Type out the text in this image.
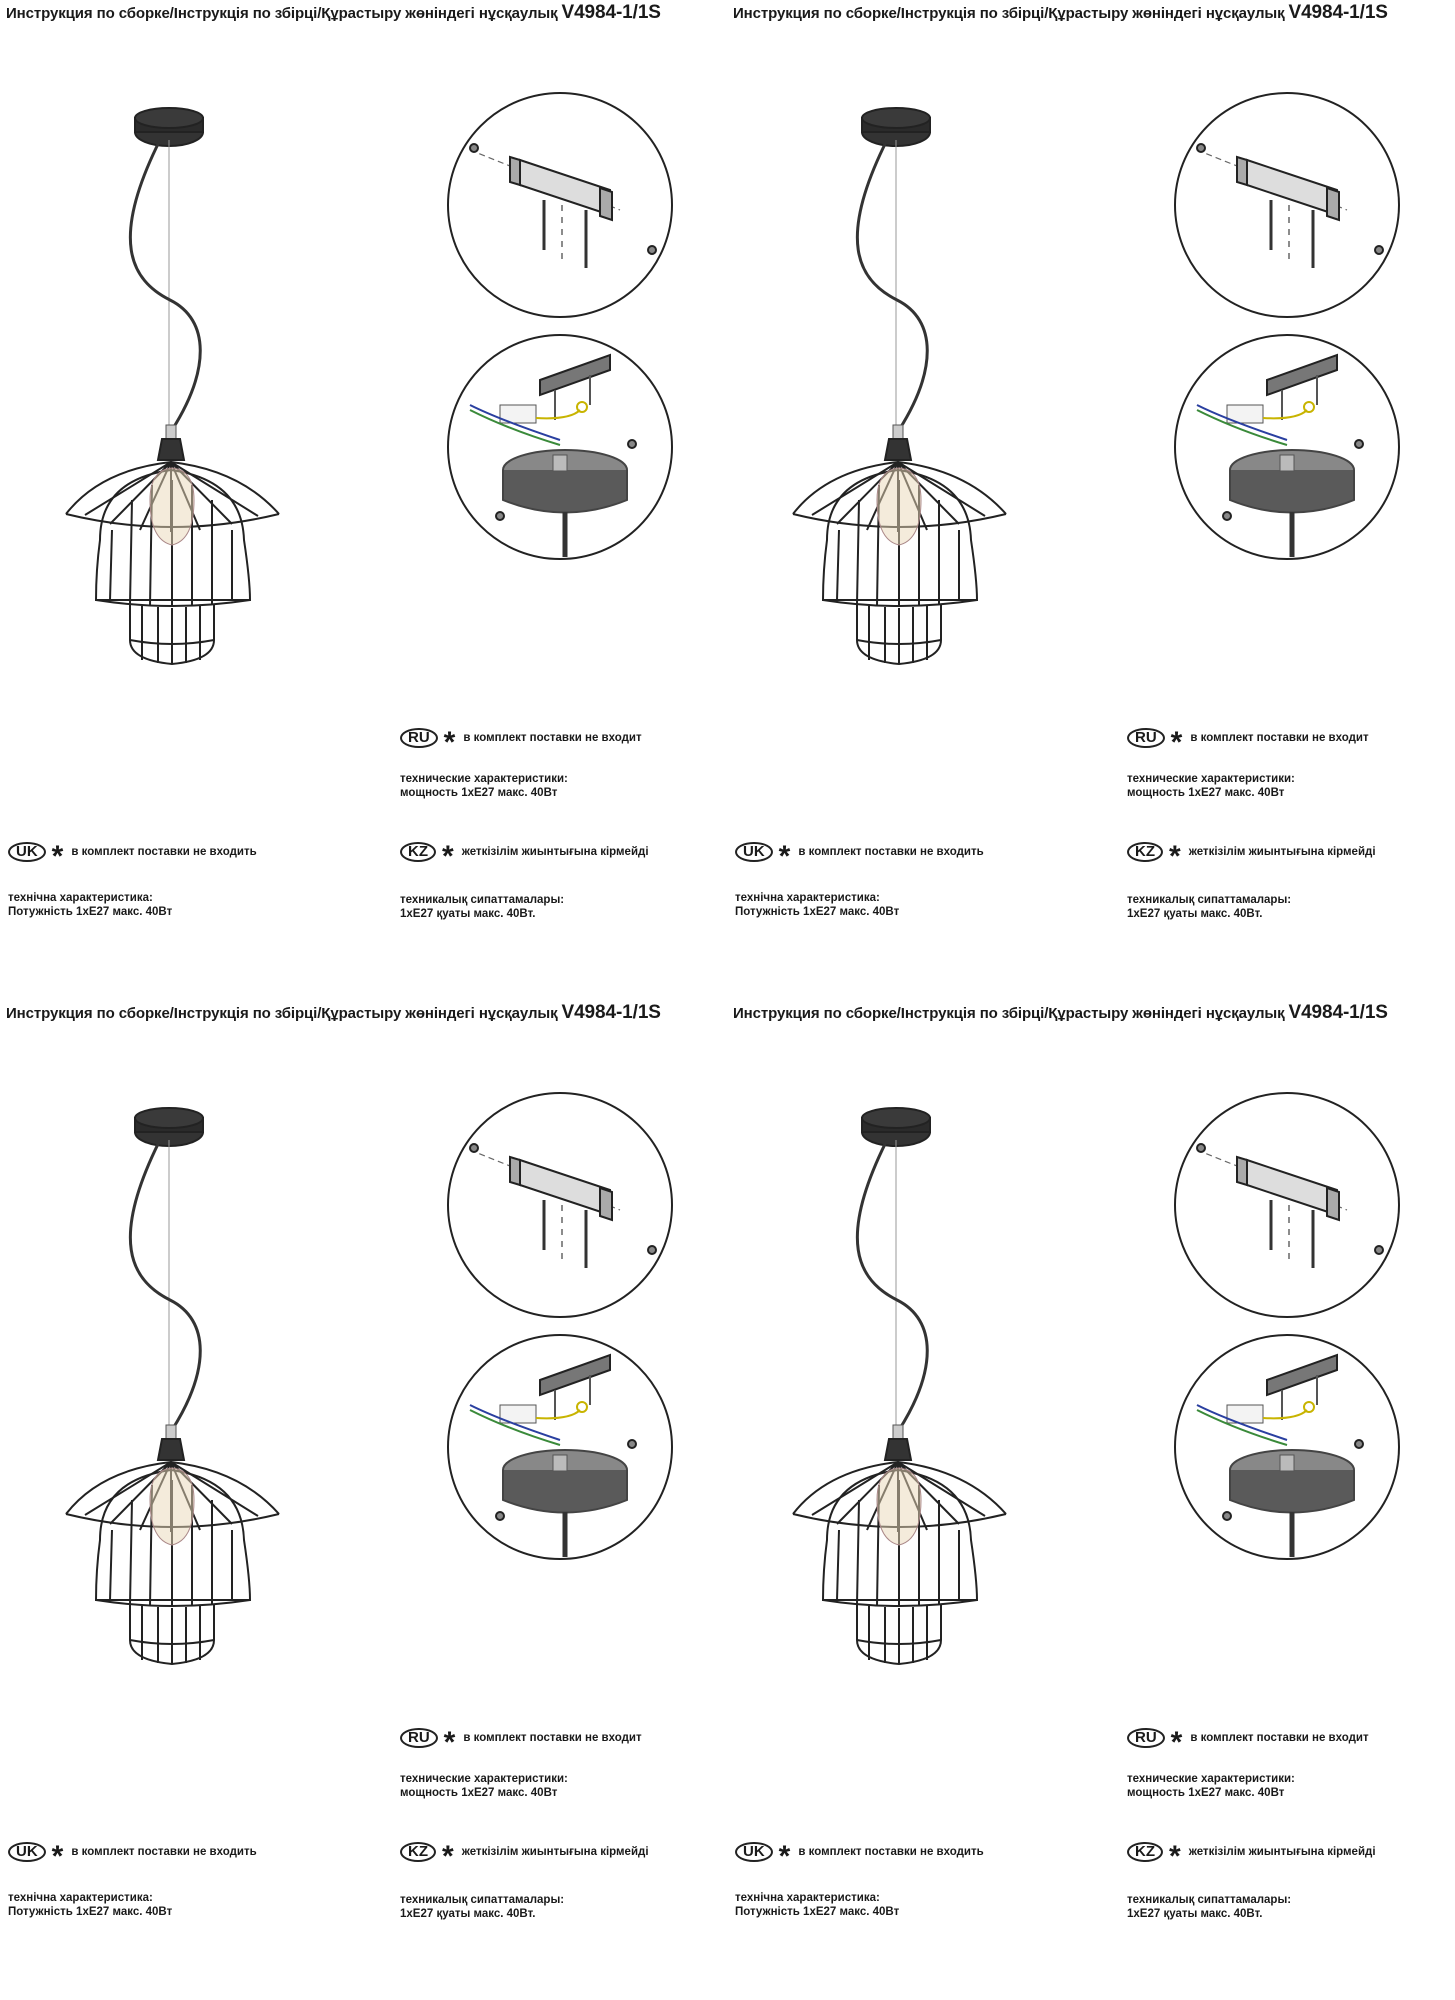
Инструкция по сборке/Інструкція по збірці/Құрастыру жөніндегі нұсқаулық V4984-1/1S
RU * в комплект поставки не входит
технические характеристики:
мощность 1хЕ27 макс. 40Вт
UK * в комплект поставки не входить
технічна характеристика:
Потужність 1хЕ27 макс. 40Вт
KZ * жеткізілім жиынтығына кірмейді
техникалық сипаттамалары:
1хЕ27 қуаты макс. 40Вт.
Инструкция по сборке/Інструкція по збірці/Құрастыру жөніндегі нұсқаулық V4984-1/1S
RU * в комплект поставки не входит
технические характеристики:
мощность 1хЕ27 макс. 40Вт
UK * в комплект поставки не входить
технічна характеристика:
Потужність 1хЕ27 макс. 40Вт
KZ * жеткізілім жиынтығына кірмейді
техникалық сипаттамалары:
1хЕ27 қуаты макс. 40Вт.
Инструкция по сборке/Інструкція по збірці/Құрастыру жөніндегі нұсқаулық V4984-1/1S
RU * в комплект поставки не входит
технические характеристики:
мощность 1хЕ27 макс. 40Вт
UK * в комплект поставки не входить
технічна характеристика:
Потужність 1хЕ27 макс. 40Вт
KZ * жеткізілім жиынтығына кірмейді
техникалық сипаттамалары:
1хЕ27 қуаты макс. 40Вт.
Инструкция по сборке/Інструкція по збірці/Құрастыру жөніндегі нұсқаулық V4984-1/1S
RU * в комплект поставки не входит
технические характеристики:
мощность 1хЕ27 макс. 40Вт
UK * в комплект поставки не входить
технічна характеристика:
Потужність 1хЕ27 макс. 40Вт
KZ * жеткізілім жиынтығына кірмейді
техникалық сипаттамалары:
1хЕ27 қуаты макс. 40Вт.
